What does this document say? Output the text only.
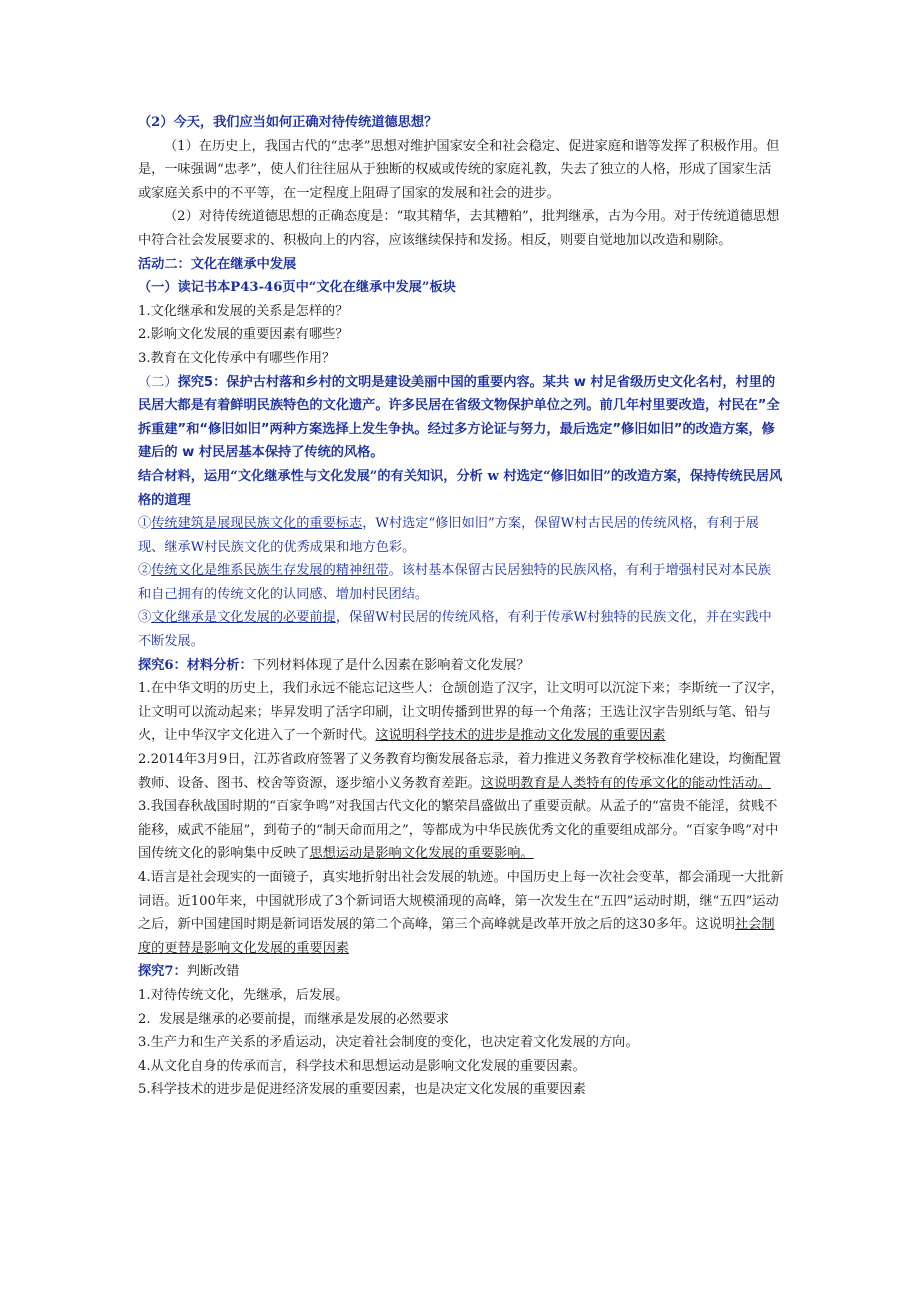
（2）今天，我们应当如何正确对待传统道德思想？

（1）在历史上，我国古代的“忠孝”思想对维护国家安全和社会稳定、促进家庭和谐等发挥了积极作用。但是，一味强调“忠孝”，使人们往往屈从于独断的权威或传统的家庭礼教，失去了独立的人格，形成了国家生活或家庭关系中的不平等，在一定程度上阻碍了国家的发展和社会的进步。

（2）对待传统道德思想的正确态度是：“取其精华，去其糟粕”，批判继承，古为今用。对于传统道德思想中符合社会发展要求的、积极向上的内容，应该继续保持和发扬。相反，则要自觉地加以改造和剔除。

活动二：文化在继承中发展

（一）读记书本P43-46页中“文化在继承中发展”板块

1.文化继承和发展的关系是怎样的？

2.影响文化发展的重要因素有哪些？

3.教育在文化传承中有哪些作用？

（二）探究5：保护古村落和乡村的文明是建设美丽中国的重要内容。某共 w 村足省级历史文化名村，村里的民居大都是有着鲜明民族特色的文化遗产。许多民居在省级文物保护单位之列。前几年村里要改造，村民在”全拆重建”和“修旧如旧”两种方案选择上发生争执。经过多方论证与努力，最后选定”修旧如旧”的改造方案，修建后的 w 村民居基本保持了传统的风格。

结合材料，运用“文化继承性与文化发展”的有关知识，分析 w 村选定“修旧如旧”的改造方案，保持传统民居风格的道理

①传统建筑是展现民族文化的重要标志，W村选定“修旧如旧”方案，保留W村古民居的传统风格，有利于展现、继承W村民族文化的优秀成果和地方色彩。

②传统文化是维系民族生存发展的精神纽带。该村基本保留古民居独特的民族风格，有利于增强村民对本民族和自己拥有的传统文化的认同感、增加村民团结。

③文化继承是文化发展的必要前提，保留W村民居的传统风格，有利于传承W村独特的民族文化，并在实践中不断发展。

探究6：材料分析：下列材料体现了是什么因素在影响着文化发展？

1.在中华文明的历史上，我们永远不能忘记这些人：仓颉创造了汉字，让文明可以沉淀下来；李斯统一了汉字，让文明可以流动起来；毕昇发明了活字印刷，让文明传播到世界的每一个角落；王选让汉字告别纸与笔、铅与火，让中华汉字文化进入了一个新时代。这说明科学技术的进步是推动文化发展的重要因素

2.2014年3月9日，江苏省政府签署了义务教育均衡发展备忘录，着力推进义务教育学校标准化建设，均衡配置教师、设备、图书、校舍等资源，逐步缩小义务教育差距。这说明教育是人类特有的传承文化的能动性活动。

3.我国春秋战国时期的“百家争鸣”对我国古代文化的繁荣昌盛做出了重要贡献。从孟子的“富贵不能淫，贫贱不能移，威武不能屈”，到荀子的“制天命而用之”，等都成为中华民族优秀文化的重要组成部分。“百家争鸣”对中国传统文化的影响集中反映了思想运动是影响文化发展的重要影响。

4.语言是社会现实的一面镜子，真实地折射出社会发展的轨迹。中国历史上每一次社会变革，都会涌现一大批新词语。近100年来，中国就形成了3个新词语大规模涌现的高峰，第一次发生在“五四”运动时期，继“五四”运动之后，新中国建国时期是新词语发展的第二个高峰，第三个高峰就是改革开放之后的这30多年。这说明社会制度的更替是影响文化发展的重要因素

探究7：判断改错

1.对待传统文化，先继承，后发展。

2.  发展是继承的必要前提，而继承是发展的必然要求

3.生产力和生产关系的矛盾运动，决定着社会制度的变化，也决定着文化发展的方向。

4.从文化自身的传承而言，科学技术和思想运动是影响文化发展的重要因素。

5.科学技术的进步是促进经济发展的重要因素，也是决定文化发展的重要因素
